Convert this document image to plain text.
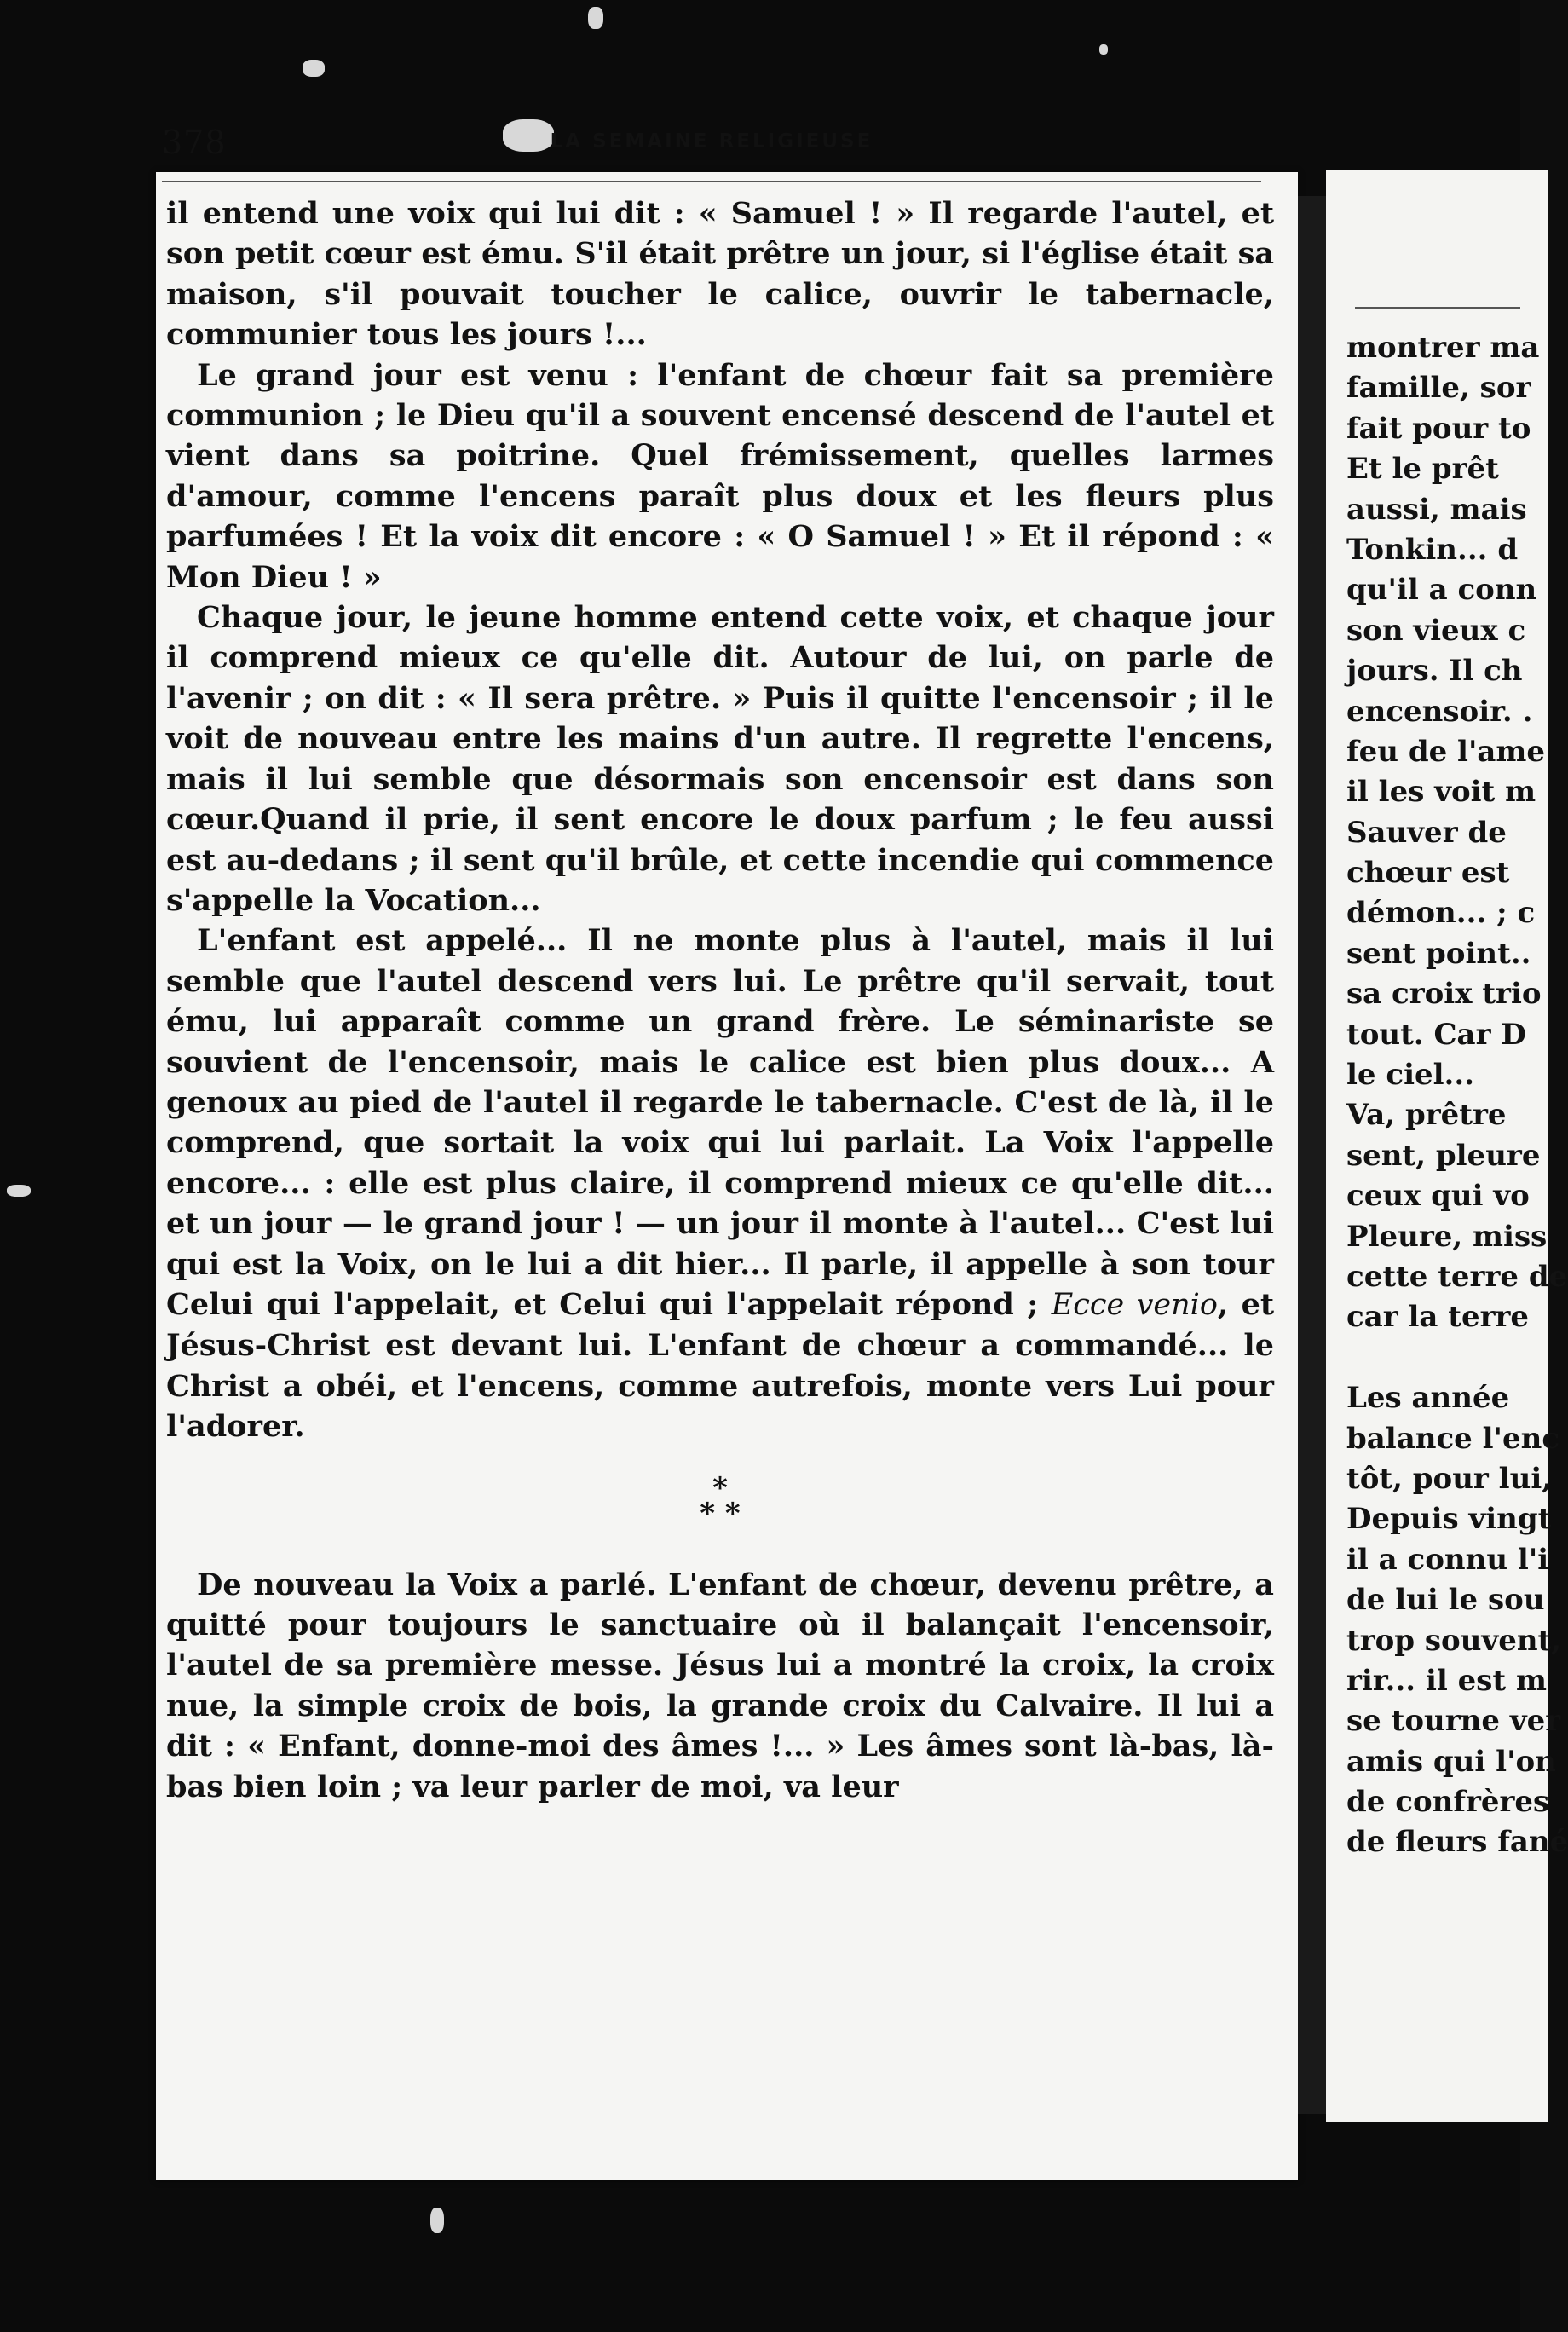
378	LA SEMAINE RELIGIEUSE

il entend une voix qui lui dit : « Samuel ! » Il regarde l'autel, et son petit cœur est ému. S'il était prêtre un jour, si l'église était sa maison, s'il pouvait toucher le calice, ouvrir le tabernacle, communier tous les jours !...

Le grand jour est venu : l'enfant de chœur fait sa première communion ; le Dieu qu'il a souvent encensé descend de l'autel et vient dans sa poitrine. Quel frémissement, quelles larmes d'amour, comme l'encens paraît plus doux et les fleurs plus parfumées ! Et la voix dit encore : « O Samuel ! » Et il répond : « Mon Dieu ! »

Chaque jour, le jeune homme entend cette voix, et chaque jour il comprend mieux ce qu'elle dit. Autour de lui, on parle de l'avenir ; on dit : « Il sera prêtre. » Puis il quitte l'encensoir ; il le voit de nouveau entre les mains d'un autre. Il regrette l'encens, mais il lui semble que désormais son encensoir est dans son cœur.Quand il prie, il sent encore le doux parfum ; le feu aussi est au-dedans ; il sent qu'il brûle, et cette incendie qui commence s'appelle la Vocation...

L'enfant est appelé... Il ne monte plus à l'autel, mais il lui semble que l'autel descend vers lui. Le prêtre qu'il servait, tout ému, lui apparaît comme un grand frère. Le séminariste se souvient de l'encensoir, mais le calice est bien plus doux... A genoux au pied de l'autel il regarde le tabernacle. C'est de là, il le comprend, que sortait la voix qui lui parlait. La Voix l'appelle encore... : elle est plus claire, il comprend mieux ce qu'elle dit... et un jour — le grand jour ! — un jour il monte à l'autel... C'est lui qui est la Voix, on le lui a dit hier... Il parle, il appelle à son tour Celui qui l'appelait, et Celui qui l'appelait répond ; Ecce venio, et Jésus-Christ est devant lui. L'enfant de chœur a commandé... le Christ a obéi, et l'encens, comme autrefois, monte vers Lui pour l'adorer.

*
* *

De nouveau la Voix a parlé. L'enfant de chœur, devenu prêtre, a quitté pour toujours le sanctuaire où il balançait l'encensoir, l'autel de sa première messe. Jésus lui a montré la croix, la croix nue, la simple croix de bois, la grande croix du Calvaire. Il lui a dit : « Enfant, donne-moi des âmes !... » Les âmes sont là-bas, là-bas bien loin ; va leur parler de moi, va leur

montrer ma
famille, sor
fait pour to
Et le prêt
aussi, mais
Tonkin... d
qu'il a conn
son vieux c
jours. Il ch
encensoir. .
feu de l'ame
il les voit m
Sauver de
chœur est
démon... ; c
sent point..
sa croix trio
tout. Car D
le ciel...
Va, prêtre
sent, pleure
ceux qui vo
Pleure, miss
cette terre de
car la terre
Les année
balance l'enc
tôt, pour lui,
Depuis vingt
il a connu l'i
de lui le sou
trop souvent,
rir... il est m
se tourne ver
amis qui l'on
de confrères
de fleurs fané
